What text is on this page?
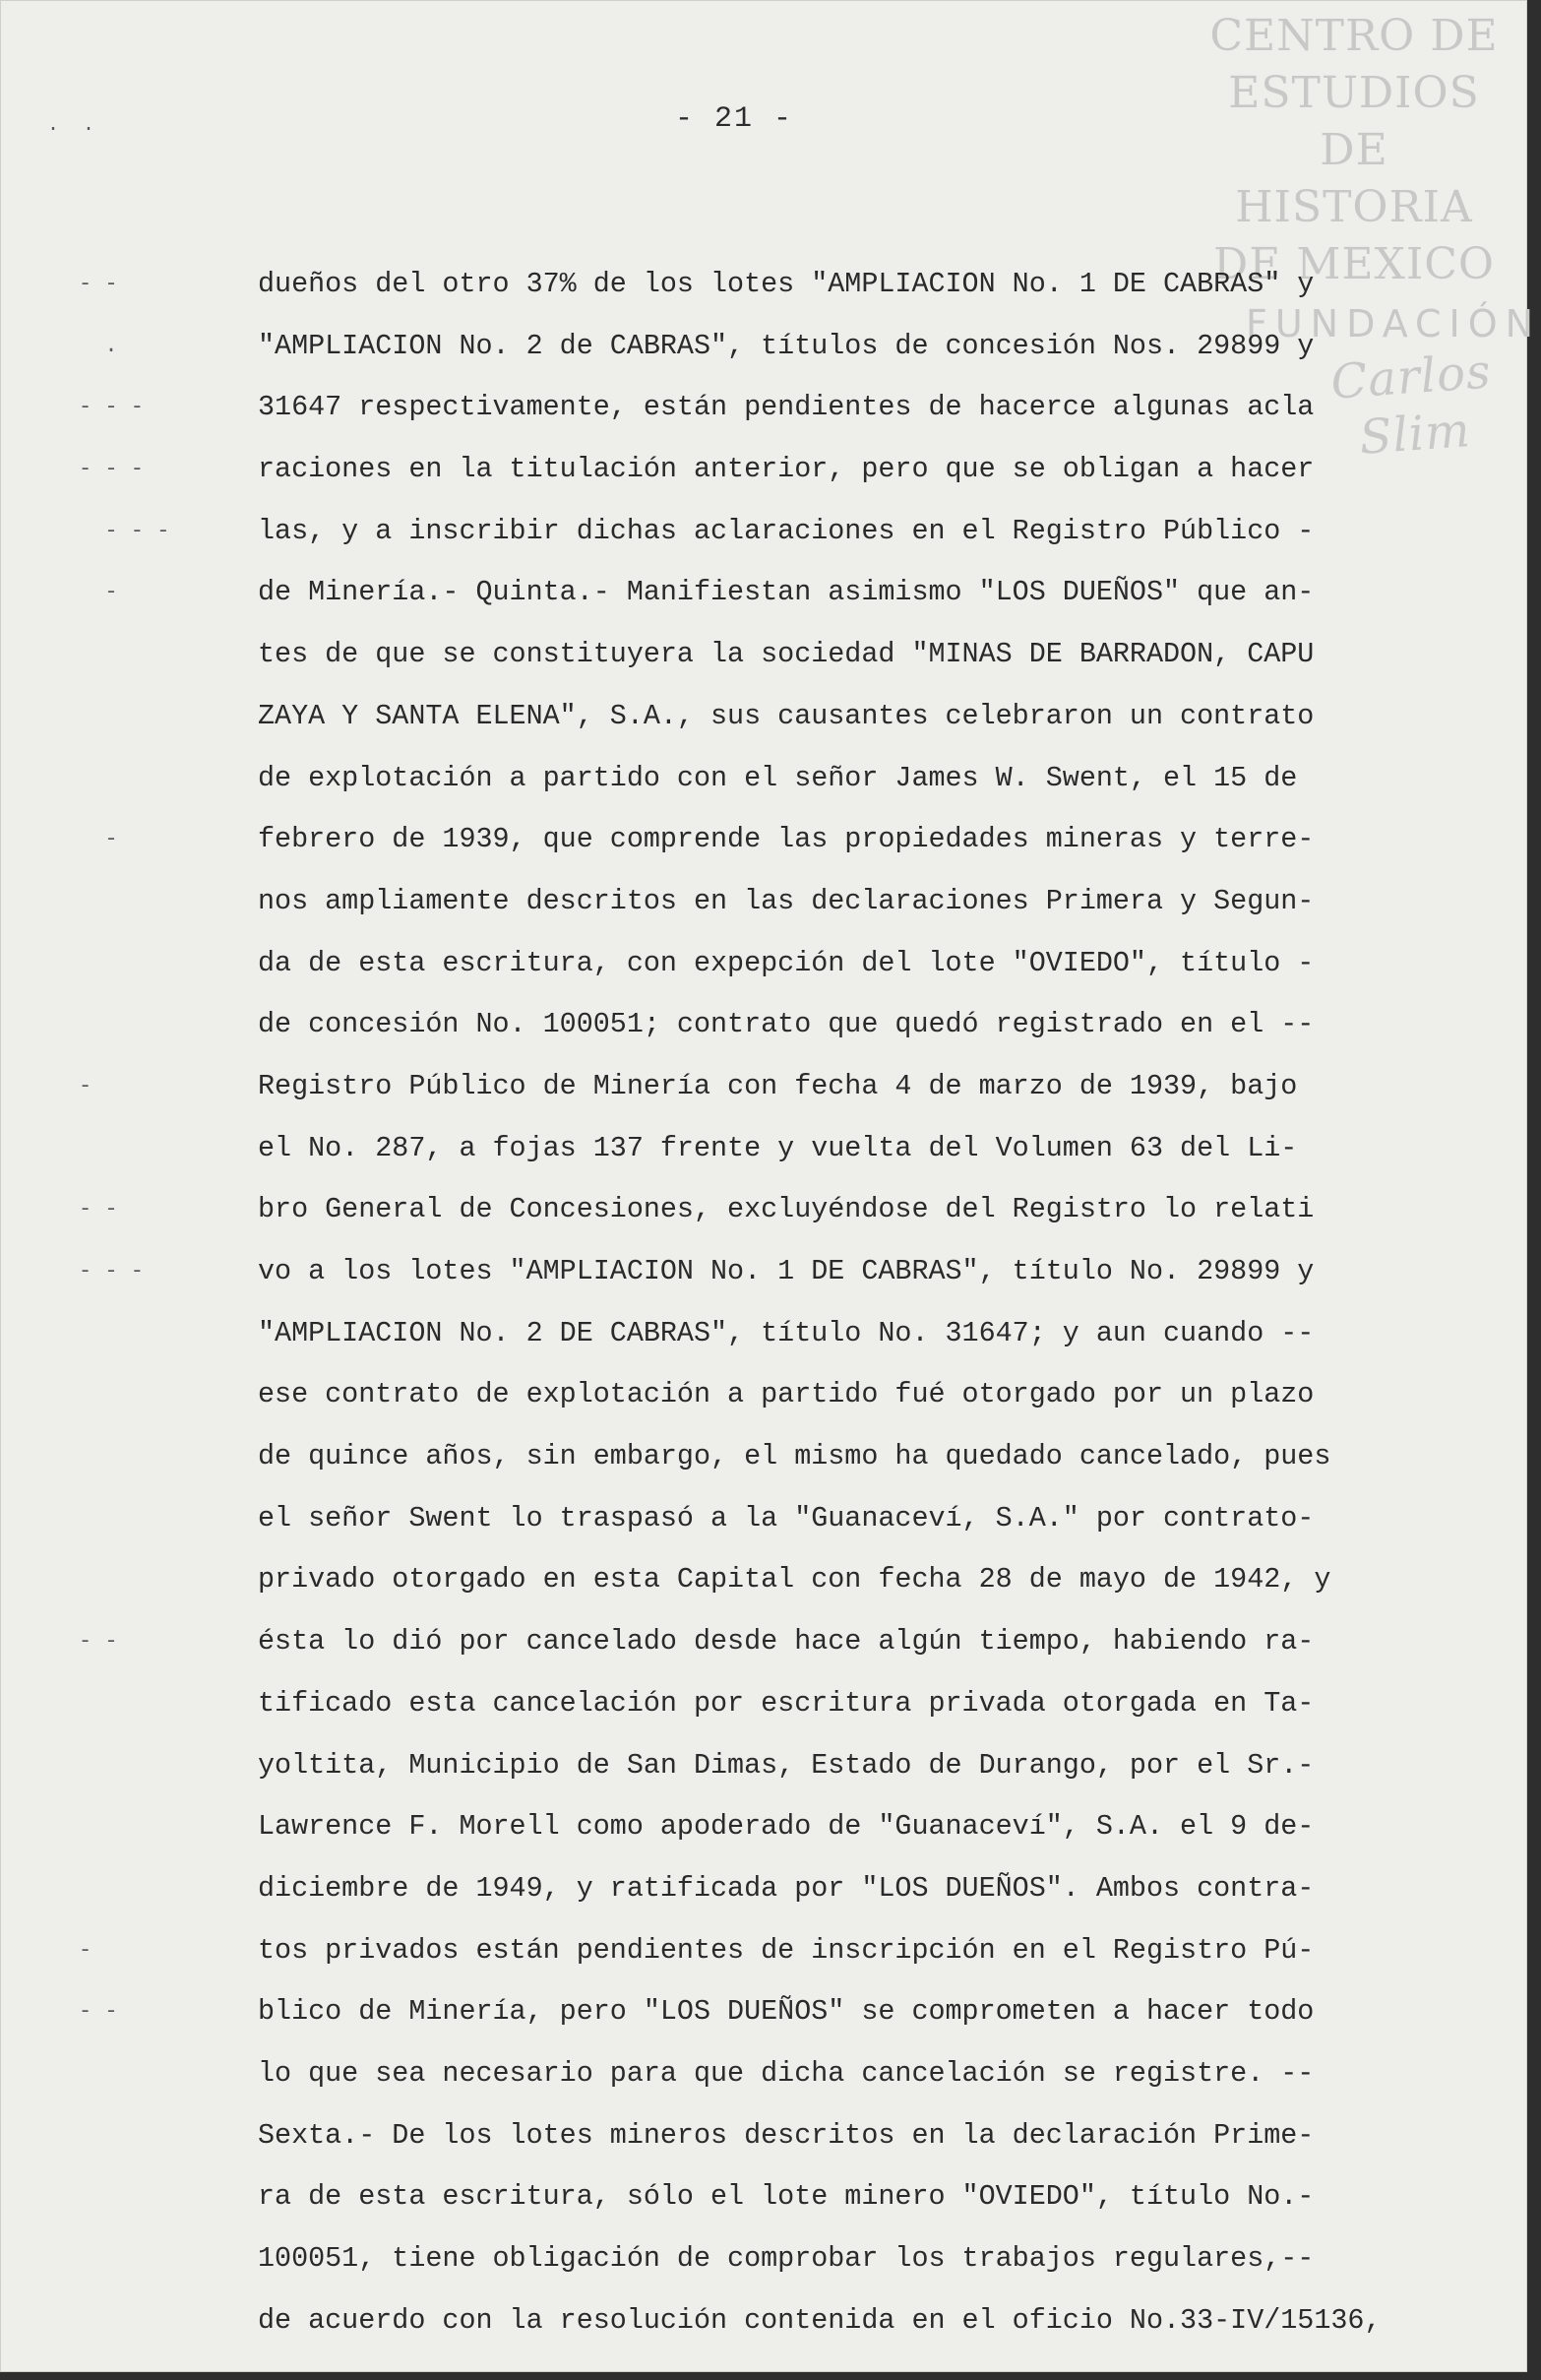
CENTRO DE
ESTUDIOS
DE HISTORIA
DE MEXICO
FUNDACIÓN
Carlos Slim
.  .	- 21 -
- -
.
- - -
- - -
- - -
-
-
-
- -
- - -
- -
-
- -
dueños del otro 37% de los lotes "AMPLIACION No. 1 DE CABRAS" y
"AMPLIACION No. 2 de CABRAS", títulos de concesión Nos. 29899 y
31647 respectivamente, están pendientes de hacerce algunas acla
raciones en la titulación anterior, pero que se obligan a hacer
las, y a inscribir dichas aclaraciones en el Registro Público -
de Minería.- Quinta.- Manifiestan asimismo "LOS DUEÑOS" que an-
tes de que se constituyera la sociedad "MINAS DE BARRADON, CAPU
ZAYA Y SANTA ELENA", S.A., sus causantes celebraron un contrato
de explotación a partido con el señor James W. Swent, el 15 de
febrero de 1939, que comprende las propiedades mineras y terre-
nos ampliamente descritos en las declaraciones Primera y Segun-
da de esta escritura, con expepción del lote "OVIEDO", título -
de concesión No. 100051; contrato que quedó registrado en el --
Registro Público de Minería con fecha 4 de marzo de 1939, bajo
el No. 287, a fojas 137 frente y vuelta del Volumen 63 del Li-
bro General de Concesiones, excluyéndose del Registro lo relati
vo a los lotes "AMPLIACION No. 1 DE CABRAS", título No. 29899 y
"AMPLIACION No. 2 DE CABRAS", título No. 31647; y aun cuando --
ese contrato de explotación a partido fué otorgado por un plazo
de quince años, sin embargo, el mismo ha quedado cancelado, pues
el señor Swent lo traspasó a la "Guanaceví, S.A." por contrato-
privado otorgado en esta Capital con fecha 28 de mayo de 1942, y
ésta lo dió por cancelado desde hace algún tiempo, habiendo ra-
tificado esta cancelación por escritura privada otorgada en Ta-
yoltita, Municipio de San Dimas, Estado de Durango, por el Sr.-
Lawrence F. Morell como apoderado de "Guanaceví", S.A. el 9 de-
diciembre de 1949, y ratificada por "LOS DUEÑOS". Ambos contra-
tos privados están pendientes de inscripción en el Registro Pú-
blico de Minería, pero "LOS DUEÑOS" se comprometen a hacer todo
lo que sea necesario para que dicha cancelación se registre. --
Sexta.- De los lotes mineros descritos en la declaración Prime-
ra de esta escritura, sólo el lote minero "OVIEDO", título No.-
100051, tiene obligación de comprobar los trabajos regulares,--
de acuerdo con la resolución contenida en el oficio No.33-IV/15136,
